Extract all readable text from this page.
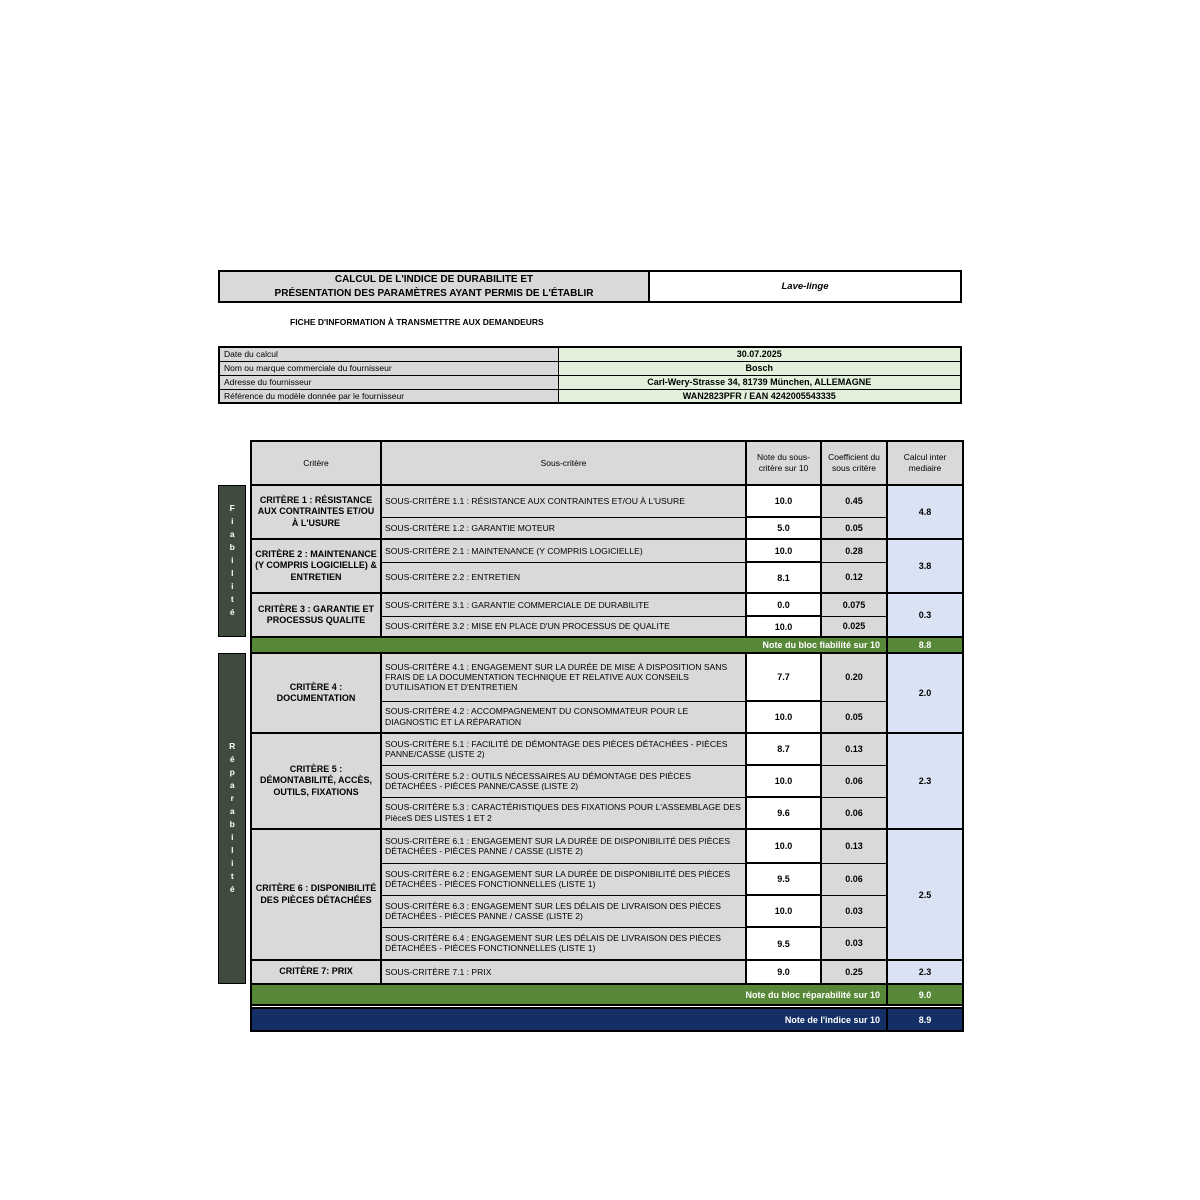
CALCUL DE L'INDICE DE DURABILITE ET
PRÉSENTATION DES PARAMÈTRES AYANT PERMIS DE L'ÉTABLIR
Lave-linge
FICHE D'INFORMATION À TRANSMETTRE AUX DEMANDEURS
Date du calcul	30.07.2025
Nom ou marque commerciale du fournisseur	Bosch
Adresse du fournisseur	Carl-Wery-Strasse 34, 81739 München, ALLEMAGNE
Référence du modèle donnée par le fournisseur	WAN2823PFR / EAN 4242005543335
Critère	Sous-critère	Note du sous-critère sur 10	Coefficient du sous critère	Calcul inter mediaire
CRITÈRE 1 : RÉSISTANCE AUX CONTRAINTES ET/OU À L'USURE	SOUS-CRITÈRE 1.1 : RÉSISTANCE AUX CONTRAINTES ET/OU À L'USURE	10.0	0.45	4.8
	SOUS-CRITÈRE 1.2 : GARANTIE MOTEUR	5.0	0.05	
CRITÈRE 2 : MAINTENANCE (Y COMPRIS LOGICIELLE) & ENTRETIEN	SOUS-CRITÈRE 2.1 : MAINTENANCE (Y COMPRIS LOGICIELLE)	10.0	0.28	3.8
	SOUS-CRITÈRE 2.2 : ENTRETIEN	8.1	0.12	
CRITÈRE 3 : GARANTIE ET PROCESSUS QUALITE	SOUS-CRITÈRE 3.1 : GARANTIE COMMERCIALE DE DURABILITE	0.0	0.075	0.3
	SOUS-CRITÈRE 3.2 : MISE EN PLACE D'UN PROCESSUS DE QUALITE	10.0	0.025	
Note du bloc fiabilité sur 10				8.8
CRITÈRE 4 : DOCUMENTATION	SOUS-CRITÈRE 4.1 : ENGAGEMENT SUR LA DURÉE DE MISE À DISPOSITION SANS FRAIS DE LA DOCUMENTATION TECHNIQUE ET RELATIVE AUX CONSEILS D'UTILISATION ET D'ENTRETIEN	7.7	0.20	2.0
	SOUS-CRITÈRE 4.2 : ACCOMPAGNEMENT DU CONSOMMATEUR POUR LE DIAGNOSTIC ET LA RÉPARATION	10.0	0.05	
CRITÈRE 5 : DÉMONTABILITÉ, ACCÈS, OUTILS, FIXATIONS	SOUS-CRITÈRE 5.1 : FACILITÉ DE DÉMONTAGE DES PIÈCES DÉTACHÉES - PIÈCES PANNE/CASSE (LISTE 2)	8.7	0.13	2.3
	SOUS-CRITÈRE 5.2 : OUTILS NÉCESSAIRES AU DÉMONTAGE DES PIÈCES DÉTACHÉES - PIÈCES PANNE/CASSE (LISTE 2)	10.0	0.06	
	SOUS-CRITÈRE 5.3 : CARACTÉRISTIQUES DES FIXATIONS POUR L'ASSEMBLAGE DES PièceS DES LISTES 1 ET 2	9.6	0.06	
CRITÈRE 6 : DISPONIBILITÉ DES PIÈCES DÉTACHÉES	SOUS-CRITÈRE 6.1 : ENGAGEMENT SUR LA DURÉE DE DISPONIBILITÉ DES PIÈCES DÉTACHÉES - PIÈCES PANNE / CASSE (LISTE 2)	10.0	0.13	2.5
	SOUS-CRITÈRE 6.2 : ENGAGEMENT SUR LA DURÉE DE DISPONIBILITÉ DES PIÈCES DÉTACHÉES - PIÈCES FONCTIONNELLES (LISTE 1)	9.5	0.06	
	SOUS-CRITÈRE 6.3 : ENGAGEMENT SUR LES DÉLAIS DE LIVRAISON DES PIÈCES DÉTACHÉES - PIÈCES PANNE / CASSE (LISTE 2)	10.0	0.03	
	SOUS-CRITÈRE 6.4 : ENGAGEMENT SUR LES DÉLAIS DE LIVRAISON DES PIÈCES DÉTACHÉES - PIÈCES FONCTIONNELLES (LISTE 1)	9.5	0.03	
CRITÈRE 7: PRIX	SOUS-CRITÈRE 7.1 : PRIX	9.0	0.25	2.3
Note du bloc réparabilité sur 10				9.0

Note de l'indice sur 10				8.9
Fiabilité
Réparabilité
